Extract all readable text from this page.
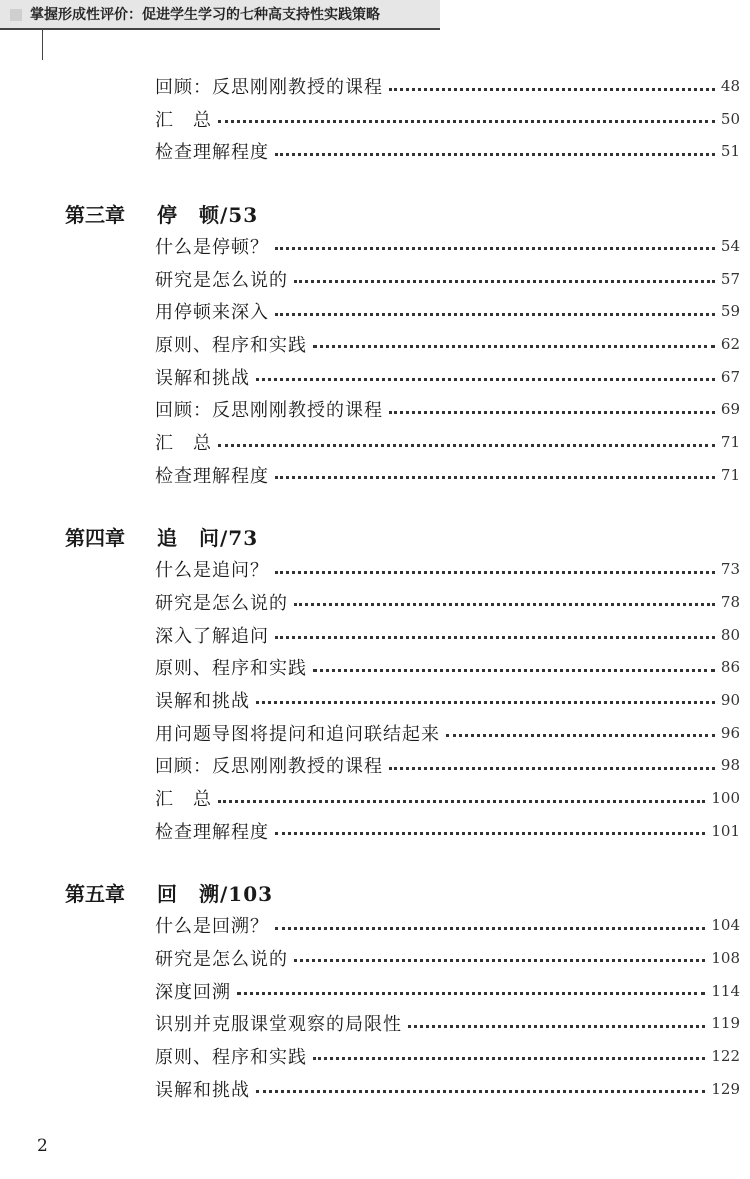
掌握形成性评价：促进学生学习的七种高支持性实践策略
回顾：反思刚刚教授的课程	48
汇　总	50
检查理解程度	51
第三章	停　顿/53
什么是停顿？	54
研究是怎么说的	57
用停顿来深入	59
原则、程序和实践	62
误解和挑战	67
回顾：反思刚刚教授的课程	69
汇　总	71
检查理解程度	71
第四章	追　问/73
什么是追问？	73
研究是怎么说的	78
深入了解追问	80
原则、程序和实践	86
误解和挑战	90
用问题导图将提问和追问联结起来	96
回顾：反思刚刚教授的课程	98
汇　总	100
检查理解程度	101
第五章	回　溯/103
什么是回溯？	104
研究是怎么说的	108
深度回溯	114
识别并克服课堂观察的局限性	119
原则、程序和实践	122
误解和挑战	129
2
